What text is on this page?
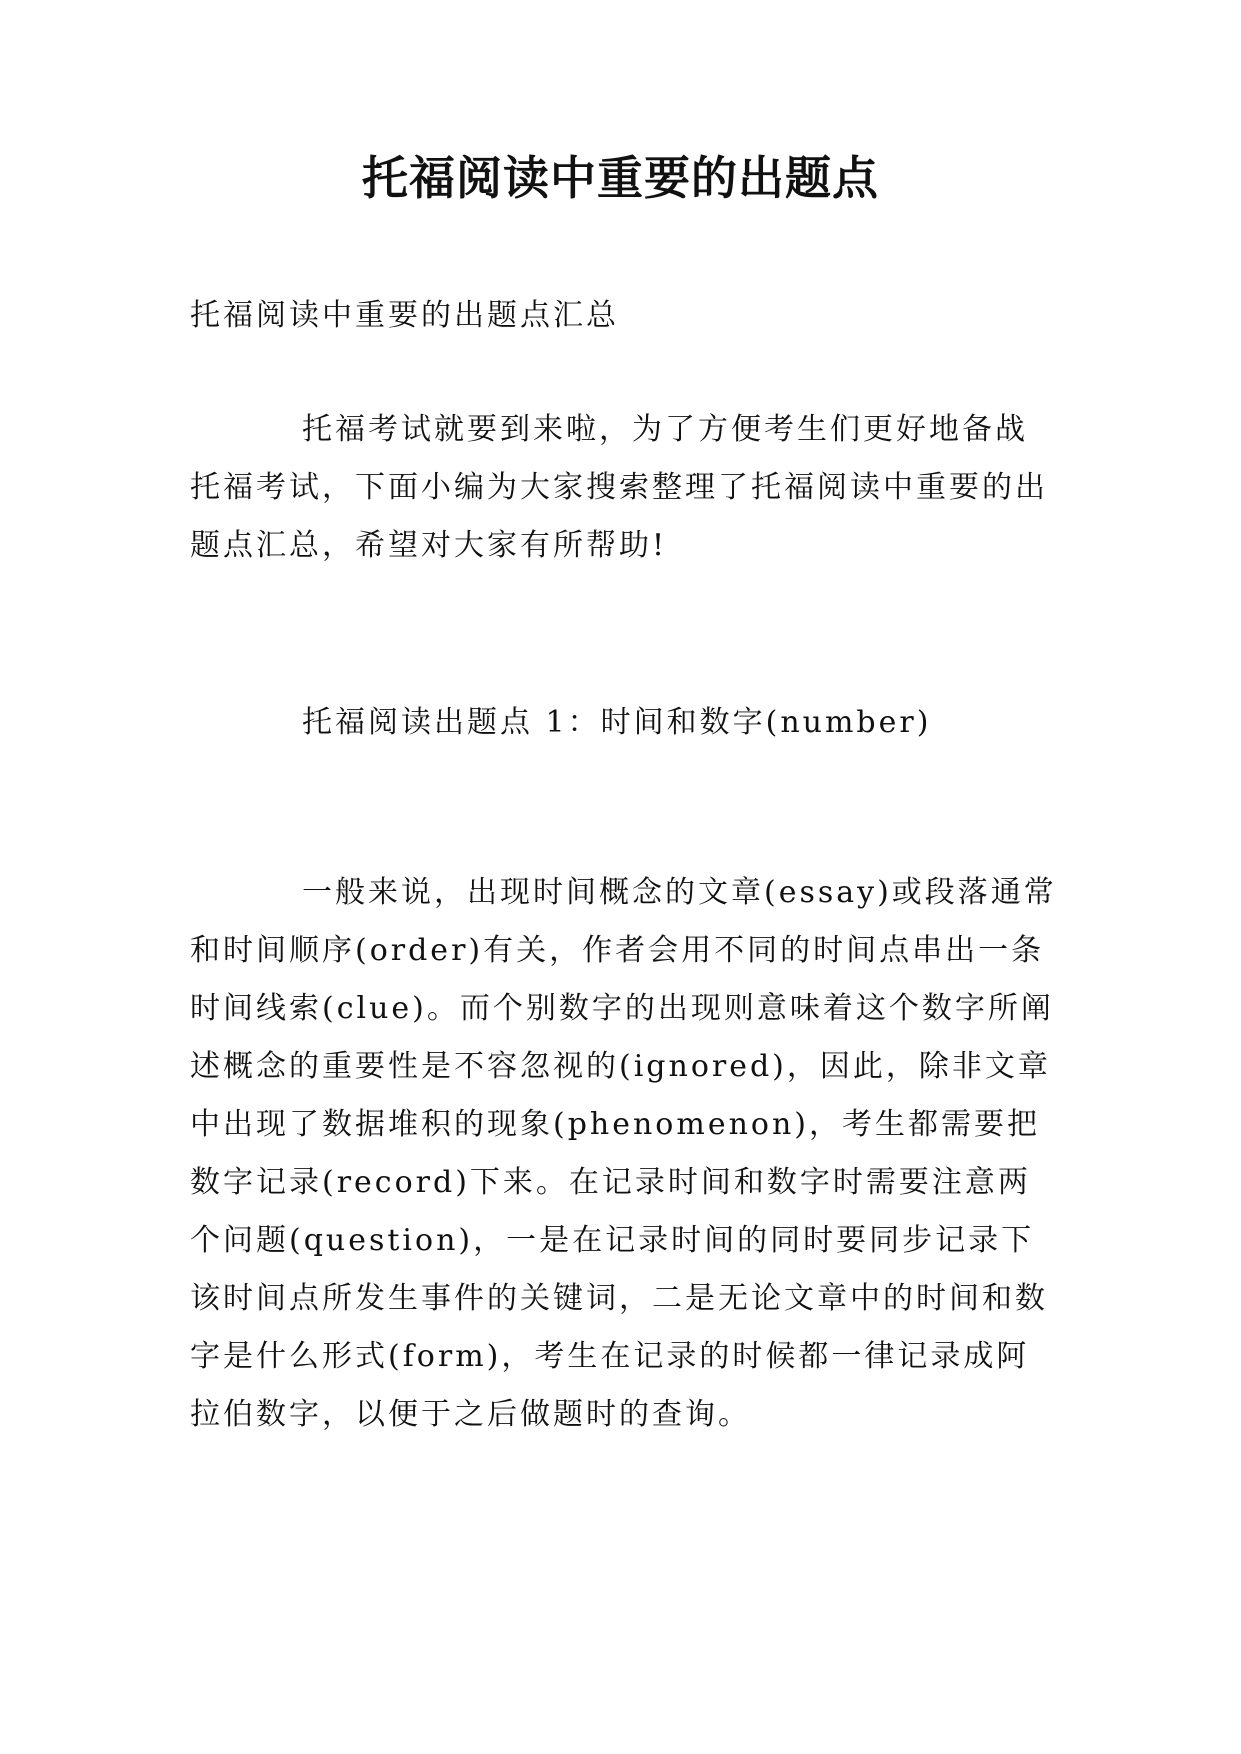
托福阅读中重要的出题点

托福阅读中重要的出题点汇总

托福考试就要到来啦，为了方便考生们更好地备战托福考试，下面小编为大家搜索整理了托福阅读中重要的出题点汇总，希望对大家有所帮助!

托福阅读出题点 1：时间和数字(number)

一般来说，出现时间概念的文章(essay)或段落通常和时间顺序(order)有关，作者会用不同的时间点串出一条时间线索(clue)。而个别数字的出现则意味着这个数字所阐述概念的重要性是不容忽视的(ignored)，因此，除非文章中出现了数据堆积的现象(phenomenon)，考生都需要把数字记录(record)下来。在记录时间和数字时需要注意两个问题(question)，一是在记录时间的同时要同步记录下该时间点所发生事件的关键词，二是无论文章中的时间和数字是什么形式(form)，考生在记录的时候都一律记录成阿拉伯数字，以便于之后做题时的查询。
